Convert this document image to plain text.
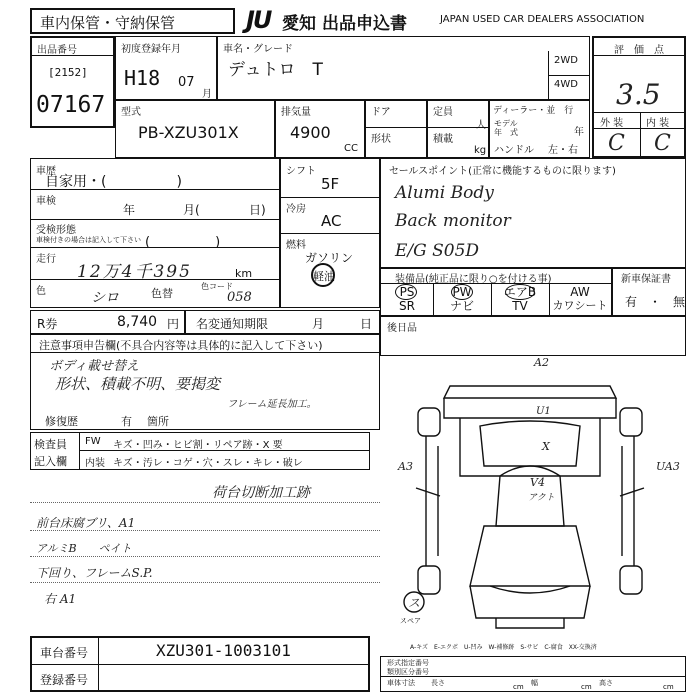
車内保管・守納保管	JU 愛知 出品申込書	JAPAN USED CAR DEALERS ASSOCIATION
出品番号
[2152]
07167
初度登録年月
H18 07
月
車名・グレード
デュトロ　T	2WD
4WD
評　価　点
3.5
外 装 内 装
C C
型式
PB-XZU301X
排気量
4900
CC
ドア
形状
定員
人
積載
kg
ディーラー・並　行
モデル年　式	年
ハンドル 左・右
車歴
自家用・(　　　　　)
車検
年	月(	日)
受検形態
車検付きの場合は記入して下さい (　　　　　)
走行
12万4千395	km
色	シロ	色替
色コード
058
シフト
5F
冷房
AC
燃料
ガソリン
軽油
セールスポイント(正常に機能するものに限ります)
Alumi Body
Back monitor
E/G S05D
装備品(純正品に限り○を付ける事)
PS	PW	エアB	AW
SR	ナビ	TV	カワシート
新車保証書
有　・　無
R券	8,740 円 名変通知期限	月	日 後日品
注意事項申告欄(不具合内容等は具体的に記入して下さい)
ボディ載せ替え
形状、積載不明、要掲変
フレーム延長加工。
修復歴	有 箇所
検査員
記入欄
FW キズ・凹み・ヒビ割・リペア跡・X 要
内装 キズ・汚レ・コゲ・穴・スレ・キレ・破レ
荷台切断加工跡
前台床腐ブリ、A1
アルミB　　ペイト
下回り、フレームS.P.
右 A1
A2
U1
X
V4
アクト
A3	UA3
ス
スペア
A-キズ　E-エクボ　U-凹み　W-補修跡　S-サビ　C-腐食　XX-交換済
車台番号	XZU301-1003101
登録番号
形式指定番号
類別区分番号
車体寸法 長さ	cm 幅	cm 高さ	cm
